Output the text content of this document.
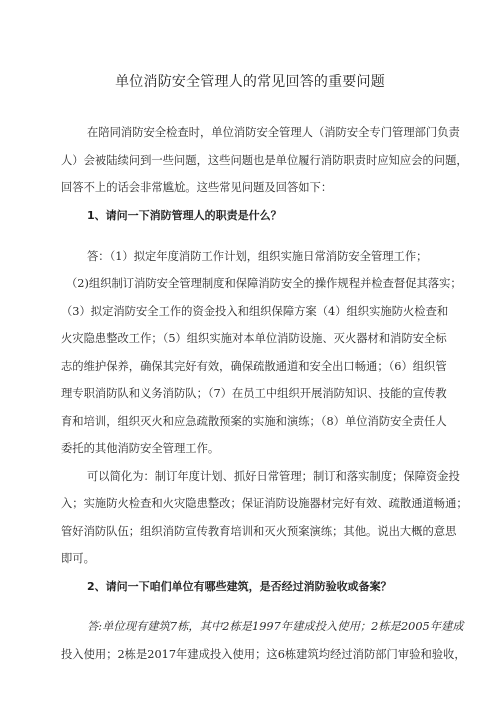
单位消防安全管理人的常见回答的重要问题
在陪同消防安全检查时，单位消防安全管理人（消防安全专门管理部门负责
人）会被陆续问到一些问题，这些问题也是单位履行消防职责时应知应会的问题，
回答不上的话会非常尴尬。这些常见问题及回答如下：
1、请问一下消防管理人的职责是什么？
答：（1）拟定年度消防工作计划，组织实施日常消防安全管理工作；
（2)组织制订消防安全管理制度和保障消防安全的操作规程并检查督促其落实；
（3）拟定消防安全工作的资金投入和组织保障方案（4）组织实施防火检查和
火灾隐患整改工作；（5）组织实施对本单位消防设施、灭火器材和消防安全标
志的维护保养，确保其完好有效，确保疏散通道和安全出口畅通；（6）组织管
理专职消防队和义务消防队；（7）在员工中组织开展消防知识、技能的宣传教
育和培训，组织灭火和应急疏散预案的实施和演练；（8）单位消防安全责任人
委托的其他消防安全管理工作。
可以简化为：制订年度计划、抓好日常管理；制订和落实制度；保障资金投
入；实施防火检查和火灾隐患整改；保证消防设施器材完好有效、疏散通道畅通；
管好消防队伍；组织消防宣传教育培训和灭火预案演练；其他。说出大概的意思
即可。
2、请问一下咱们单位有哪些建筑，是否经过消防验收或备案？
答:单位现有建筑7栋，其中2栋是1997年建成投入使用；2栋是2005年建成
投入使用；2栋是2017年建成投入使用；这6栋建筑均经过消防部门审验和验收，
